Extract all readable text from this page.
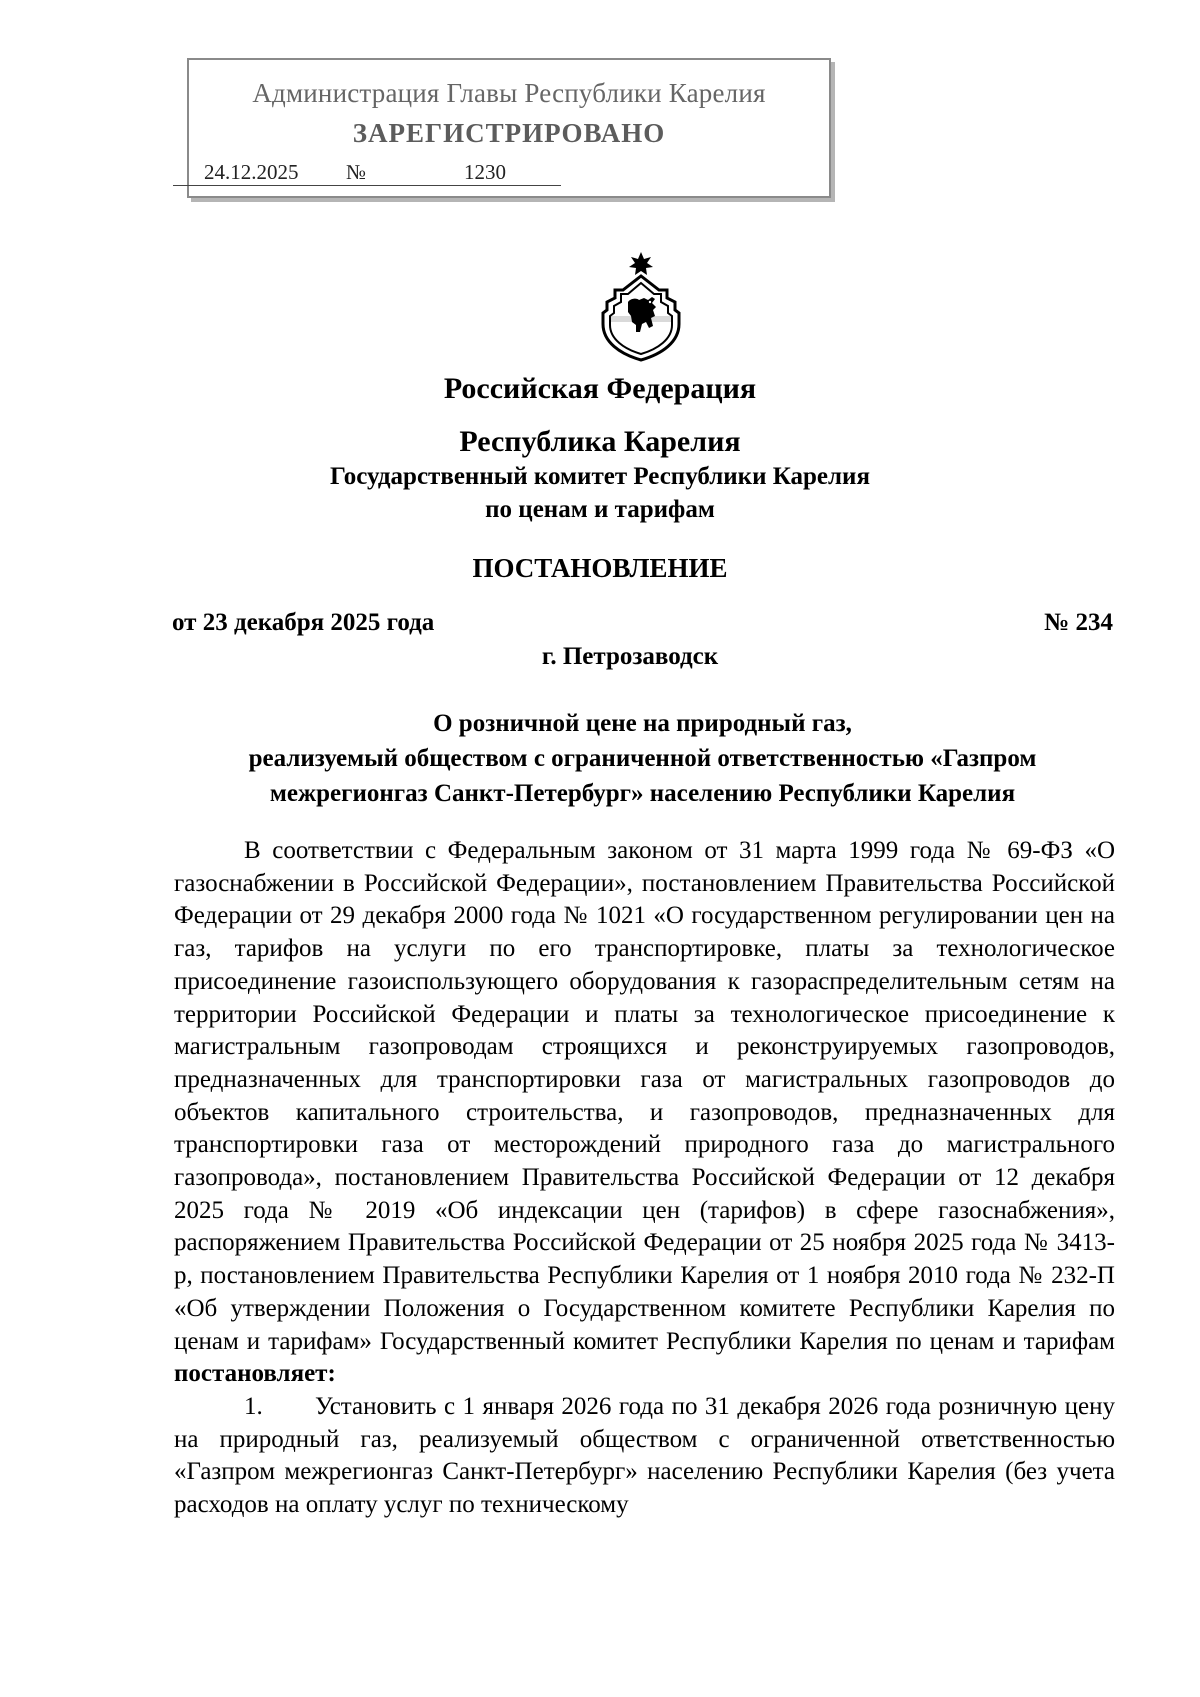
Администрация Главы Республики Карелия
ЗАРЕГИСТРИРОВАНО
24.12.2025 №	1230
Российская Федерация
Республика Карелия
Государственный комитет Республики Карелия
по ценам и тарифам
ПОСТАНОВЛЕНИЕ
от 23 декабря 2025 года	№ 234
г. Петрозаводск
О розничной цене на природный газ,
реализуемый обществом с ограниченной ответственностью «Газпром
межрегионгаз Санкт-Петербург» населению Республики Карелия

В соответствии с Федеральным законом от 31 марта 1999 года № 69-ФЗ «О газоснабжении в Российской Федерации», постановлением Правительства Российской Федерации от 29 декабря 2000 года № 1021 «О государственном регулировании цен на газ, тарифов на услуги по его транспортировке, платы за технологическое присоединение газоиспользующего оборудования к газораспределительным сетям на территории Российской Федерации и платы за технологическое присоединение к магистральным газопроводам строящихся и реконструируемых газопроводов, предназначенных для транспортировки газа от магистральных газопроводов до объектов капитального строительства, и газопроводов, предназначенных для транспортировки газа от месторождений природного газа до магистрального газопровода», постановлением Правительства Российской Федерации от 12 декабря 2025 года № 2019 «Об индексации цен (тарифов) в сфере газоснабжения», распоряжением Правительства Российской Федерации от 25 ноября 2025 года № 3413-р, постановлением Правительства Республики Карелия от 1 ноября 2010 года № 232-П «Об утверждении Положения о Государственном комитете Республики Карелия по ценам и тарифам» Государственный комитет Республики Карелия по ценам и тарифам постановляет:

1. Установить с 1 января 2026 года по 31 декабря 2026 года розничную цену на природный газ, реализуемый обществом с ограниченной ответственностью «Газпром межрегионгаз Санкт-Петербург» населению Республики Карелия (без учета расходов на оплату услуг по техническому
